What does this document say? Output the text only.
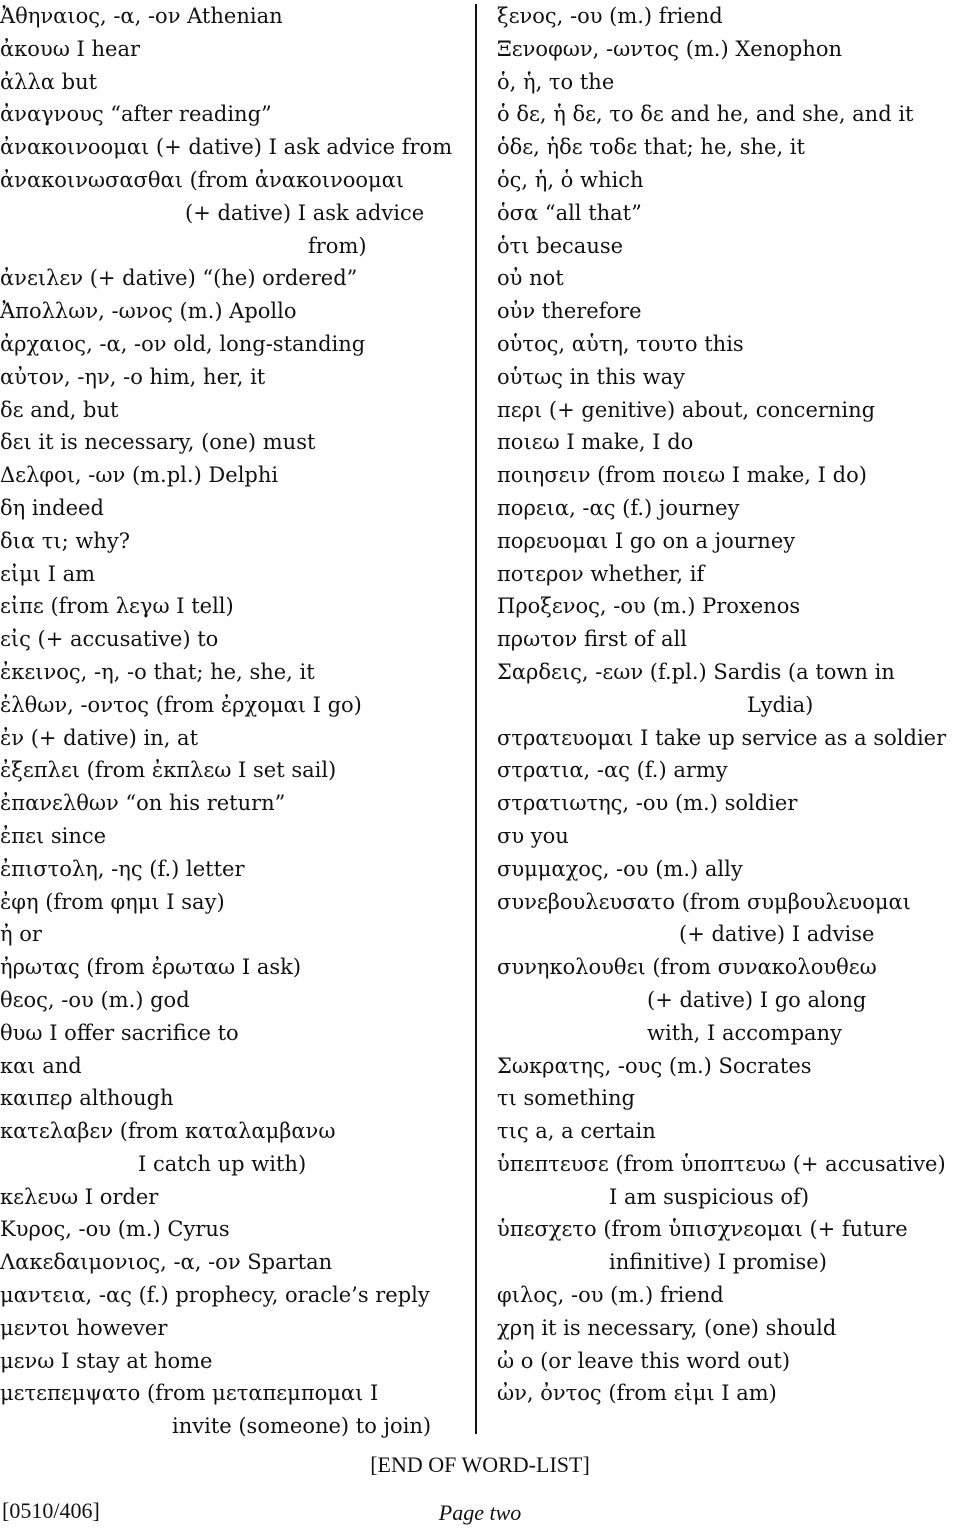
Ἀθηναιος, -α, -ον Athenian
ἀκουω I hear
ἀλλα but
ἀναγνους “after reading”
ἀνακοινοομαι (+ dative) I ask advice from
ἀνακοινωσασθαι (from ἀνακοινοομαι
(+ dative) I ask advice
from)
ἀνειλεν (+ dative) “(he) ordered”
Ἀπολλων, -ωνος (m.) Apollo
ἀρχαιος, -α, -ον old, long-standing
αὐτον, -ην, -ο him, her, it
δε and, but
δει it is necessary, (one) must
Δελφοι, -ων (m.pl.) Delphi
δη indeed
δια τι; why?
εἰμι I am
εἰπε (from λεγω I tell)
εἰς (+ accusative) to
ἐκεινος, -η, -ο that; he, she, it
ἐλθων, -οντος (from ἐρχομαι I go)
ἐν (+ dative) in, at
ἐξεπλει (from ἐκπλεω I set sail)
ἐπανελθων “on his return”
ἐπει since
ἐπιστολη, -ης (f.) letter
ἐφη (from φημι I say)
ἠ or
ἠρωτας (from ἐρωταω I ask)
θεος, -ου (m.) god
θυω I offer sacrifice to
και and
καιπερ although
κατελαβεν (from καταλαμβανω
I catch up with)
κελευω I order
Κυρος, -ου (m.) Cyrus
Λακεδαιμονιος, -α, -ον Spartan
μαντεια, -ας (f.) prophecy, oracle’s reply
μεντοι however
μενω I stay at home
μετεπεμψατο (from μεταπεμπομαι I
invite (someone) to join)
ξενος, -ου (m.) friend
Ξενοφων, -ωντος (m.) Xenophon
ὁ, ἡ, το the
ὁ δε, ἡ δε, το δε and he, and she, and it
ὁδε, ἡδε τοδε that; he, she, it
ὁς, ἡ, ὁ which
ὁσα “all that”
ὁτι because
οὐ not
οὐν therefore
οὑτος, αὑτη, τουτο this
οὑτως in this way
περι (+ genitive) about, concerning
ποιεω I make, I do
ποιησειν (from ποιεω I make, I do)
πορεια, -ας (f.) journey
πορευομαι I go on a journey
ποτερον whether, if
Προξενος, -ου (m.) Proxenos
πρωτον first of all
Σαρδεις, -εων (f.pl.) Sardis (a town in
Lydia)
στρατευομαι I take up service as a soldier
στρατια, -ας (f.) army
στρατιωτης, -ου (m.) soldier
συ you
συμμαχος, -ου (m.) ally
συνεβουλευσατο (from συμβουλευομαι
(+ dative) I advise
συνηκολουθει (from συνακολουθεω
(+ dative) I go along
with, I accompany
Σωκρατης, -ους (m.) Socrates
τι something
τις a, a certain
ὑπεπτευσε (from ὑποπτευω (+ accusative)
I am suspicious of)
ὑπεσχετο (from ὑπισχνεομαι (+ future
infinitive) I promise)
φιλος, -ου (m.) friend
χρη it is necessary, (one) should
ὠ o (or leave this word out)
ὠν, ὀντος (from εἰμι I am)
[END OF WORD-LIST]
[0510/406]	Page two
